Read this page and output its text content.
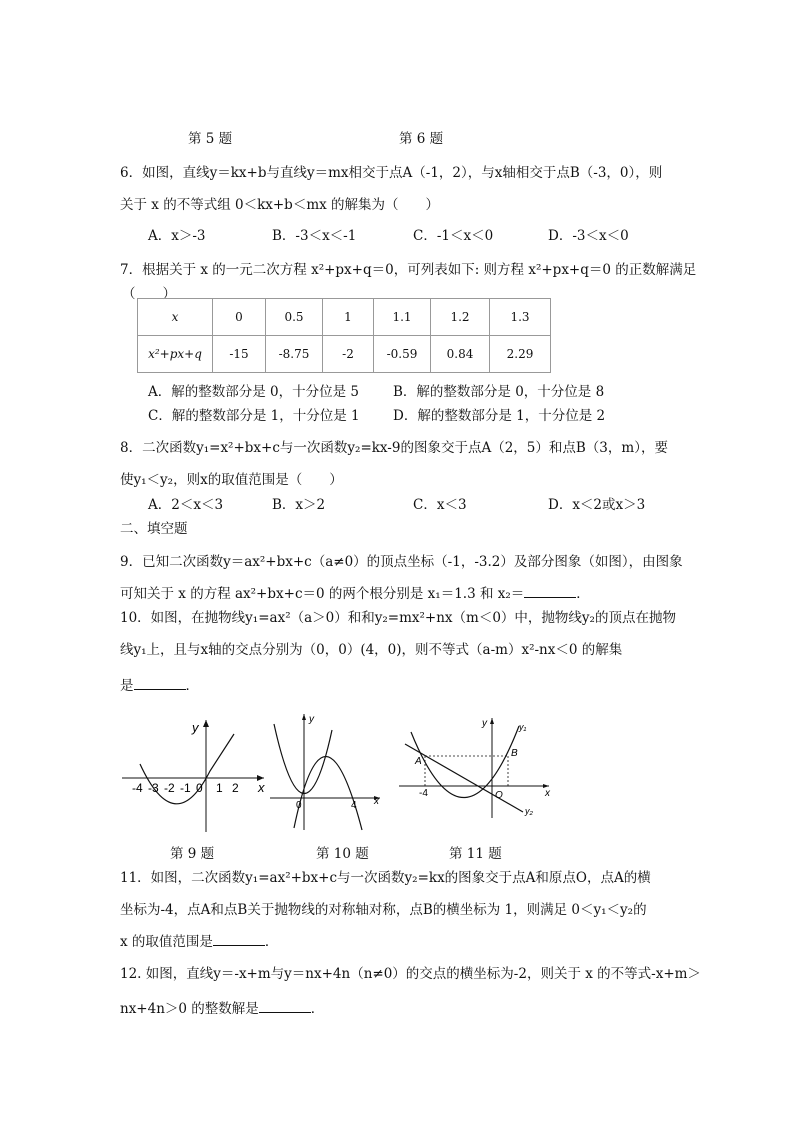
第 5 题	第 6 题
6．如图，直线y＝kx+b与直线y＝mx相交于点A（-1，2），与x轴相交于点B（-3，0），则
关于 x 的不等式组 0＜kx+b＜mx 的解集为（　　）
A．x＞-3	B．-3＜x＜-1	C．-1＜x＜0	D．-3＜x＜0
7．根据关于 x 的一元二次方程 x²+px+q＝0，可列表如下: 则方程 x²+px+q＝0 的正数解满足
（　　）
x	0	0.5	1	1.1	1.2	1.3
x²+px+q	-15	-8.75	-2	-0.59	0.84	2.29
A．解的整数部分是 0，十分位是 5	B．解的整数部分是 0，十分位是 8
C．解的整数部分是 1，十分位是 1 D．解的整数部分是 1，十分位是 2
8．二次函数y₁=x²+bx+c与一次函数y₂=kx-9的图象交于点A（2，5）和点B（3，m），要
使y₁＜y₂，则x的取值范围是（　　）
A．2＜x＜3	B．x＞2	C．x＜3	D．x＜2或x＞3
二、填空题
9．已知二次函数y＝ax²+bx+c（a≠0）的顶点坐标（-1，-3.2）及部分图象（如图），由图象
可知关于 x 的方程 ax²+bx+c＝0 的两个根分别是 x₁＝1.3 和 x₂＝	．
10．如图，在抛物线y₁=ax²（a＞0）和和y₂=mx²+nx（m＜0）中，抛物线y₂的顶点在抛物
线y₁上，且与x轴的交点分别为（0，0）(4，0)，则不等式（a-m）x²-nx＜0 的解集
是	．
x
y
-4 -3 -2 -1 0 1 2
x
y
0	4
x
y
A
B
O
y₁
y₂
-4
第 9 题	第 10 题	第 11 题
11．如图，二次函数y₁=ax²+bx+c与一次函数y₂=kx的图象交于点A和原点O，点A的横
坐标为-4，点A和点B关于抛物线的对称轴对称，点B的横坐标为 1，则满足 0＜y₁＜y₂的
x 的取值范围是	．
12. 如图，直线y＝-x+m与y＝nx+4n（n≠0）的交点的横坐标为-2，则关于 x 的不等式-x+m＞
nx+4n＞0 的整数解是	．
